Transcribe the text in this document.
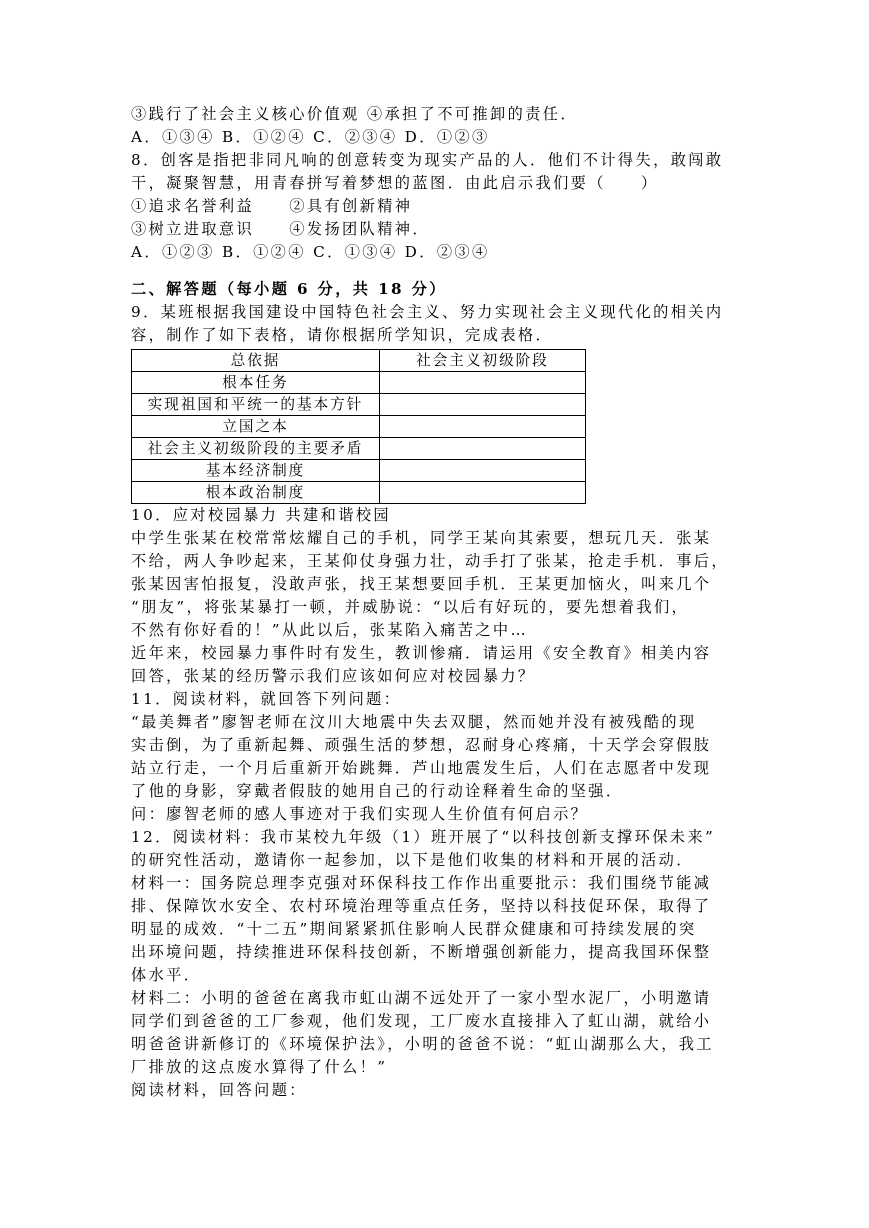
③践行了社会主义核心价值观 ④承担了不可推卸的责任．
A．①③④ B．①②④ C．②③④ D．①②③
8．创客是指把非同凡响的创意转变为现实产品的人．他们不计得失，敢闯敢
干，凝聚智慧，用青春拼写着梦想的蓝图．由此启示我们要（　　）
①追求名誉利益　　②具有创新精神
③树立进取意识　　④发扬团队精神．
A．①②③ B．①②④ C．①③④ D．②③④
二、解答题（每小题 6 分，共 18 分）
9．某班根据我国建设中国特色社会主义、努力实现社会主义现代化的相关内
容，制作了如下表格，请你根据所学知识，完成表格．
总依据	社会主义初级阶段
根本任务	
实现祖国和平统一的基本方针	
立国之本	
社会主义初级阶段的主要矛盾	
基本经济制度	
根本政治制度	
10．应对校园暴力 共建和谐校园
中学生张某在校常常炫耀自己的手机，同学王某向其索要，想玩几天．张某
不给，两人争吵起来，王某仰仗身强力壮，动手打了张某，抢走手机．事后，
张某因害怕报复，没敢声张，找王某想要回手机．王某更加恼火，叫来几个
“朋友”，将张某暴打一顿，并威胁说：“以后有好玩的，要先想着我们，
不然有你好看的！”从此以后，张某陷入痛苦之中…
近年来，校园暴力事件时有发生，教训惨痛．请运用《安全教育》相美内容
回答，张某的经历警示我们应该如何应对校园暴力？
11．阅读材料，就回答下列问题：
“最美舞者”廖智老师在汶川大地震中失去双腿，然而她并没有被残酷的现
实击倒，为了重新起舞、顽强生活的梦想，忍耐身心疼痛，十天学会穿假肢
站立行走，一个月后重新开始跳舞．芦山地震发生后，人们在志愿者中发现
了他的身影，穿戴者假肢的她用自己的行动诠释着生命的坚强．
问：廖智老师的感人事迹对于我们实现人生价值有何启示？
12．阅读材料：我市某校九年级（1）班开展了“以科技创新支撑环保未来”
的研究性活动，邀请你一起参加，以下是他们收集的材料和开展的活动．
材料一：国务院总理李克强对环保科技工作作出重要批示：我们围绕节能减
排、保障饮水安全、农村环境治理等重点任务，坚持以科技促环保，取得了
明显的成效．“十二五”期间紧紧抓住影响人民群众健康和可持续发展的突
出环境问题，持续推进环保科技创新，不断增强创新能力，提高我国环保整
体水平．
材料二：小明的爸爸在离我市虹山湖不远处开了一家小型水泥厂，小明邀请
同学们到爸爸的工厂参观，他们发现，工厂废水直接排入了虹山湖，就给小
明爸爸讲新修订的《环境保护法》，小明的爸爸不说：“虹山湖那么大，我工
厂排放的这点废水算得了什么！”
阅读材料，回答问题：
